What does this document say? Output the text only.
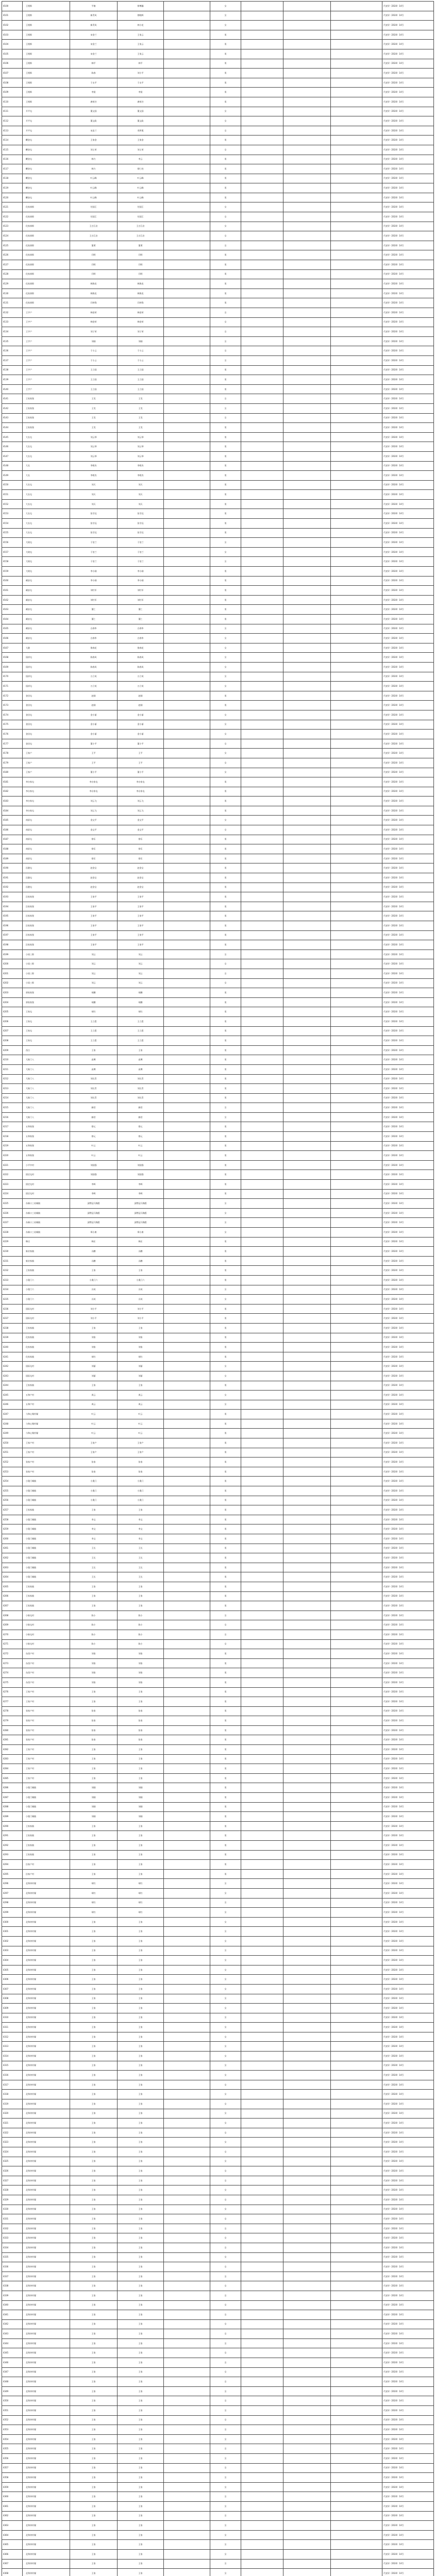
4100	王相郎	平寨	徐博瀚		女				代表导（2024）14号
4101	王相郎	新青风	徐晓辉		女				代表导（2024）14号
4102	王相郎	新青风	林小花		女				代表导（2024）14号
4103	王相郎	宋金兰	王家云		男				代表导（2024）14号
4104	王相郎	宋金兰	王家云		男				代表导（2024）14号
4105	王相郎	宋金兰	王家云		男				代表导（2024）14号
4106	王相郎	韩平	林平		男				代表导（2024）14号
4107	王相郎	陈春	刘小平		男				代表导（2024）14号
4108	王相郎	于永平	于永平		男				代表导（2024）14号
4109	王相郎	李贤	李贤		男				代表导（2024）14号
4110	王相郎	唐荷谷	唐荷谷		男				代表导（2024）14号
4111	开平屯	董文国	董文国		女				代表导（2024）14号
4112	开平屯	董文政	董文政		女				代表导（2024）14号
4113	开平屯	宋忠兰	邓伊燕		女				代表导（2024）14号
4114	鞭金屯	王家金	王家金		男				代表导（2024）14号
4115	鞭金屯	刘士荣	刘士荣		女				代表导（2024）14号
4116	鞭金屯	韩力	李云		男				代表导（2024）14号
4117	鞭金屯	韩力	徐仁柱		男				代表导（2024）14号
4118	鞭金屯	叶云峰	叶云峰		男				代表导（2024）14号
4119	鞭金屯	叶云峰	叶云峰		男				代表导（2024）14号
4120	鞭金屯	叶云峰	叶云峰		男				代表导（2024）14号
4121	化家郊郎	付国江	付国江		女				代表导（2024）14号
4122	化家郊郎	付国江	付国江		女				代表导（2024）14号
4123	化家郊郎	王白江启	王白江启		女				代表导（2024）14号
4124	化家郊郎	王白江启	王白江启		女				代表导（2024）14号
4125	化家郊郎	董勇	董勇		女				代表导（2024）14号
4126	化家郊郎	闫明	闫明		男				代表导（2024）14号
4127	化家郊郎	闫明	闫明		男				代表导（2024）14号
4128	化家郊郎	闫明	闫明		男				代表导（2024）14号
4129	化家郊郎	韩海龙	韩海龙		男				代表导（2024）14号
4130	化家郊郎	韩海龙	韩海龙		男				代表导（2024）14号
4131	化家郊郎	闫伟锋	闫伟锋		男				代表导（2024）14号
4132	王宇户	韩金荣	韩金荣		女				代表导（2024）14号
4133	王宇户	韩金荣	韩金荣		女				代表导（2024）14号
4134	王宇户	刘子荣	刘子荣		女				代表导（2024）14号
4135	王宇户	刘刚	刘刚		女				代表导（2024）14号
4136	王宇户	于小云	于小云		女				代表导（2024）14号
4137	王宇户	于小云	于小云		女				代表导（2024）14号
4138	王宇户	王立国	王立国		男				代表导（2024）14号
4139	王宇户	王立国	王立国		男				代表导（2024）14号
4140	王宇户	王立国	王立国		男				代表导（2024）14号
4141	王家家堡	王昊	王昊		女				代表导（2024）14号
4142	王家家堡	王昊	王昊		女				代表导（2024）14号
4143	王家家堡	王昊	王昊		女				代表导（2024）14号
4144	王家家堡	王昊	王昊		男				代表导（2024）14号
4145	大长屯	刘云琴	刘云琴		男				代表导（2024）14号
4146	大长屯	刘云琴	刘云琴		男				代表导（2024）14号
4147	大长屯	刘云琴	刘云琴		男				代表导（2024）14号
4148	大长	李相杰	李相杰		男				代表导（2024）14号
4149	大长	李相杰	李相杰		男				代表导（2024）14号
4150	大长屯	刘天	刘天		男				代表导（2024）14号
4151	大长屯	刘天	刘天		男				代表导（2024）14号
4152	大长屯	刘天	刘天		男				代表导（2024）14号
4153	大长屯	张学远	张学远		男				代表导（2024）14号
4154	大长屯	张学远	张学远		男				代表导（2024）14号
4155	大长屯	张学远	张学远		男				代表导（2024）14号
4156	大坡屯	于伯兰	于伯兰		女				代表导（2024）14号
4157	大坡屯	于伯兰	于伯兰		女				代表导（2024）14号
4158	大坡屯	于伯兰	于伯兰		女				代表导（2024）14号
4159	大坡屯	李小刚	李小刚		男				代表导（2024）14号
4160	邮安屯	李小刚	李小刚		男				代表导（2024）14号
4161	邮安屯	刘红军	刘红军		男				代表导（2024）14号
4162	邮安屯	刘红军	刘红军		男				代表导（2024）14号
4163	邮安屯	董仁	董仁		男				代表导（2024）14号
4164	邮安屯	董仁	董仁		男				代表导（2024）14号
4165	邮安屯	白春华	白春华		女				代表导（2024）14号
4166	邮安屯	白春华	白春华		女				代表导（2024）14号
4167	大港	鲁春花	鲁春花		女				代表导（2024）14号
4168	国祥屯	陈春风	陈春风		女				代表导（2024）14号
4169	国祥屯	陈春风	陈春风		女				代表导（2024）14号
4170	国祥屯	万立英	万立英		女				代表导（2024）14号
4171	国祥屯	万立英	万立英		女				代表导（2024）14号
4172	金田屯	赵刚	赵刚		男				代表导（2024）14号
4173	金田屯	赵刚	赵刚		男				代表导（2024）14号
4174	金田屯	金小丽	金小丽		女				代表导（2024）14号
4175	金田屯	金小丽	金小丽		女				代表导（2024）14号
4176	金田屯	金小丽	金小丽		女				代表导（2024）14号
4177	金田屯	董小平	董小平		女				代表导（2024）14号
4178	王家户	王平	王平		女				代表导（2024）14号
4179	王家户	王平	王平		女				代表导（2024）14号
4180	王家户	董小平	董小平		女				代表导（2024）14号
4181	李台家屯	李台家屯	李台家屯		男				代表导（2024）14号
4182	李台家屯	李台家屯	李台家屯		男				代表导（2024）14号
4183	李台家屯	刘云飞	刘云飞		男				代表导（2024）14号
4184	李台家屯	刘云飞	刘云飞		男				代表导（2024）14号
4185	南屏屯	金文平	金文平		女				代表导（2024）14号
4186	南屏屯	金文平	金文平		女				代表导（2024）14号
4187	南屏屯	徐乐	徐乐		男				代表导（2024）14号
4188	南屏屯	徐乐	徐乐		男				代表导（2024）14号
4189	南屏屯	徐乐	徐乐		男				代表导（2024）14号
4190	沿港屯	赵金宝	赵金宝		男				代表导（2024）14号
4191	沿港屯	赵金宝	赵金宝		男				代表导（2024）14号
4192	沿港屯	赵金宝	赵金宝		男				代表导（2024）14号
4193	沿家家堡	王家平	王家平		男				代表导（2024）14号
4194	沿家家堡	王家平	王家平		男				代表导（2024）14号
4195	沿家家堡	王家平	王家平		男				代表导（2024）14号
4196	沿家家堡	王家平	王家平		男				代表导（2024）14号
4197	沿家家堡	王家平	王家平		男				代表导（2024）14号
4198	沿家家堡	王家平	王家平		男				代表导（2024）14号
4199	小雨三郎	刘云	刘云		女				代表导（2024）14号
4200	小雨三郎	刘云	刘云		女				代表导（2024）14号
4201	小雨三郎	刘云	刘云		女				代表导（2024）14号
4202	小雨三郎	刘云	刘云		女				代表导（2024）14号
4203	郊家家堡	胡鹏	胡鹏		男				代表导（2024）14号
4204	郊家家堡	胡鹏	胡鹏		男				代表导（2024）14号
4205	王家屯	胡红	胡红		男				代表导（2024）14号
4206	王家屯	王立恩	王立恩		男				代表导（2024）14号
4207	王家屯	王立恩	王立恩		男				代表导（2024）14号
4208	王家屯	王立恩	王立恩		男				代表导（2024）14号
4209	西古	王家	王家		男				代表导（2024）14号
4210	大陈门八	高博	高博		男				代表导（2024）14号
4211	大陈门八	高博	高博		男				代表导（2024）14号
4212	大陈门八	刘长青	刘长青		男				代表导（2024）14号
4213	大陈门八	刘长青	刘长青		男				代表导（2024）14号
4214	大陈门八	刘长青	刘长青		男				代表导（2024）14号
4215	大陈门八	赫君	赫君		女				代表导（2024）14号
4216	大陈门八	赫君	赫君		女				代表导（2024）14号
4217	五和家堡	徐元	徐元		男				代表导（2024）14号
4218	五和家堡	徐元	徐元		男				代表导（2024）14号
4219	五和家堡	叶云	叶云		男				代表导（2024）14号
4220	五和家堡	叶云	叶云		男				代表导（2024）14号
4221	小平中村	刘国强	刘国强		男				代表导（2024）14号
4222	固定屯村	刘国强	刘国强		男				代表导（2024）14号
4223	固定屯村	李辉	李辉		男				代表导（2024）14号
4224	固定屯村	李辉	李辉		男				代表导（2024）14号
4225	东新口三站城镇	邱赞冠马海鸥	邱赞冠马海鸥		女				代表导（2024）14号
4226	东新口三站城镇	邱赞冠马海鸥	邱赞冠马海鸥		女				代表导（2024）14号
4227	东新口三站城镇	邱赞冠马海鸥	邱赞冠马海鸥		女				代表导（2024）14号
4228	东新口三站城镇	郑小康	郑小康		女				代表导（2024）14号
4229	韩庄	韩庄	韩庄		男				代表导（2024）14号
4230	新业家镇	冯鹏	冯鹏		男				代表导（2024）14号
4231	新业家镇	冯鹏	冯鹏		男				代表导（2024）14号
4232	王家家镇	王家	王家		男				代表导（2024）14号
4233	小奥门六	小奥门六	小奥门六		男				代表导（2024）14号
4234	小奥门六	冯英	冯英		女				代表导（2024）14号
4235	小奥门六	冯英	冯英		女				代表导（2024）14号
4236	国际屯村	刘小平	刘小平		男				代表导（2024）14号
4237	国际屯村	刘小平	刘小平		男				代表导（2024）14号
4238	王家家镇	王家	王家		男				代表导（2024）14号
4239	化家家镇	刘家	刘家		男				代表导（2024）14号
4240	化家家镇	刘家	刘家		男				代表导（2024）14号
4241	化家家镇	胡红	胡红		男				代表导（2024）14号
4242	国际屯村	刘丽	刘丽		女				代表导（2024）14号
4243	国际屯村	刘丽	刘丽		女				代表导（2024）14号
4244	王家家镇	王家	王家		男				代表导（2024）14号
4245	五和户村	周云	周云		女				代表导（2024）14号
4246	五和户村	周云	周云		女				代表导（2024）14号
4247	与和心聚传媒	叶云	叶云		男				代表导（2024）14号
4248	与和心聚传媒	叶云	叶云		男				代表导（2024）14号
4249	与和心聚传媒	叶云	叶云		男				代表导（2024）14号
4250	王家户村	王家户	王家户		男				代表导（2024）14号
4251	王家户村	王家户	王家户		男				代表导（2024）14号
4252	张家户村	张家	张家		男				代表导（2024）14号
4253	张家户村	张家	张家		男				代表导（2024）14号
4254	小奥门城镇	小奥门	小奥门		男				代表导（2024）14号
4255	小奥门城镇	小奥门	小奥门		男				代表导（2024）14号
4256	小奥门城镇	小奥门	小奥门		男				代表导（2024）14号
4257	王家家镇	王家	王家		男				代表导（2024）14号
4258	小奥门城镇	李文	李文		男				代表导（2024）14号
4259	小奥门城镇	李文	李文		男				代表导（2024）14号
4260	小奥门城镇	李文	李文		男				代表导（2024）14号
4261	小奥门城镇	王长	王长		男				代表导（2024）14号
4262	小奥门城镇	王长	王长		男				代表导（2024）14号
4263	小奥门城镇	王长	王长		男				代表导（2024）14号
4264	小奥门城镇	王长	王长		男				代表导（2024）14号
4265	王家家镇	王家	王家		男				代表导（2024）14号
4266	王家家镇	王家	王家		男				代表导（2024）14号
4267	王家家镇	王家	王家		男				代表导（2024）14号
4268	小陈屯村	陈小	陈小		女				代表导（2024）14号
4269	小陈屯村	陈小	陈小		女				代表导（2024）14号
4270	小陈屯村	陈小	陈小		女				代表导（2024）14号
4271	小陈屯村	陈小	陈小		女				代表导（2024）14号
4272	东西户村	刘家	刘家		男				代表导（2024）14号
4273	东西户村	刘家	刘家		男				代表导（2024）14号
4274	东西户村	刘家	刘家		男				代表导（2024）14号
4275	东西户村	刘家	刘家		男				代表导（2024）14号
4276	王家户村	王家	王家		男				代表导（2024）14号
4277	王家户村	王家	王家		男				代表导（2024）14号
4278	张家户村	张家	张家		男				代表导（2024）14号
4279	张家户村	张家	张家		男				代表导（2024）14号
4280	张家户村	张家	张家		男				代表导（2024）14号
4281	张家户村	张家	张家		男				代表导（2024）14号
4282	王家户村	王家	王家		男				代表导（2024）14号
4283	王家户村	王家	王家		男				代表导（2024）14号
4284	王家户村	王家	王家		男				代表导（2024）14号
4285	王家户村	王家	王家		男				代表导（2024）14号
4286	小奥门城镇	刘刚	刘刚		男				代表导（2024）14号
4287	小奥门城镇	刘刚	刘刚		男				代表导（2024）14号
4288	小奥门城镇	刘刚	刘刚		男				代表导（2024）14号
4289	小奥门城镇	刘刚	刘刚		男				代表导（2024）14号
4290	王家家镇	王家	王家		男				代表导（2024）14号
4291	王家家镇	王家	王家		男				代表导（2024）14号
4292	王家家镇	王家	王家		男				代表导（2024）14号
4293	王家家镇	王家	王家		男				代表导（2024）14号
4294	沿家户村	王家	王家		男				代表导（2024）14号
4295	沿家户村	王家	王家		男				代表导（2024）14号
4296	北和冲传媒	胡红	胡红		女				代表导（2024）14号
4297	北和冲传媒	胡红	胡红		女				代表导（2024）14号
4298	北和冲传媒	胡红	胡红		女				代表导（2024）14号
4299	北和冲传媒	胡红	胡红		女				代表导（2024）14号
4300	北和冲传媒	王家	王家		女				代表导（2024）14号
4301	北和冲传媒	王家	王家		女				代表导（2024）14号
4302	北和冲传媒	王家	王家		女				代表导（2024）14号
4303	北和冲传媒	王家	王家		女				代表导（2024）14号
4304	北和冲传媒	王家	王家		女				代表导（2024）14号
4305	北和冲传媒	王家	王家		女				代表导（2024）14号
4306	北和冲传媒	王家	王家		女				代表导（2024）14号
4307	北和冲传媒	王家	王家		女				代表导（2024）14号
4308	北和冲传媒	王家	王家		女				代表导（2024）14号
4309	北和冲传媒	王家	王家		女				代表导（2024）14号
4310	北和冲传媒	王家	王家		女				代表导（2024）14号
4311	北和冲传媒	王家	王家		女				代表导（2024）14号
4312	北和冲传媒	王家	王家		女				代表导（2024）14号
4313	北和冲传媒	王家	王家		女				代表导（2024）14号
4314	北和冲传媒	王家	王家		女				代表导（2024）14号
4315	北和冲传媒	王家	王家		女				代表导（2024）14号
4316	北和冲传媒	王家	王家		女				代表导（2024）14号
4317	北和冲传媒	王家	王家		女				代表导（2024）14号
4318	北和冲传媒	王家	王家		女				代表导（2024）14号
4319	北和冲传媒	王家	王家		女				代表导（2024）14号
4320	北和冲传媒	王家	王家		女				代表导（2024）14号
4321	北和冲传媒	王家	王家		女				代表导（2024）14号
4322	北和冲传媒	王家	王家		女				代表导（2024）14号
4323	北和冲传媒	王家	王家		女				代表导（2024）14号
4324	北和冲传媒	王家	王家		女				代表导（2024）14号
4325	北和冲传媒	王家	王家		女				代表导（2024）14号
4326	北和冲传媒	王家	王家		女				代表导（2024）14号
4327	北和冲传媒	王家	王家		女				代表导（2024）14号
4328	北和冲传媒	王家	王家		女				代表导（2024）14号
4329	北和冲传媒	王家	王家		女				代表导（2024）14号
4330	北和冲传媒	王家	王家		女				代表导（2024）14号
4331	北和冲传媒	王家	王家		女				代表导（2024）14号
4332	北和冲传媒	王家	王家		女				代表导（2024）14号
4333	北和冲传媒	王家	王家		女				代表导（2024）14号
4334	北和冲传媒	王家	王家		女				代表导（2024）14号
4335	北和冲传媒	王家	王家		女				代表导（2024）14号
4336	北和冲传媒	王家	王家		女				代表导（2024）14号
4337	北和冲传媒	王家	王家		女				代表导（2024）14号
4338	北和冲传媒	王家	王家		女				代表导（2024）14号
4339	北和冲传媒	王家	王家		女				代表导（2024）14号
4340	北和冲传媒	王家	王家		女				代表导（2024）14号
4341	北和冲传媒	王家	王家		女				代表导（2024）14号
4342	北和冲传媒	王家	王家		女				代表导（2024）14号
4343	北和冲传媒	王家	王家		女				代表导（2024）14号
4344	北和冲传媒	王家	王家		女				代表导（2024）14号
4345	北和冲传媒	王家	王家		女				代表导（2024）14号
4346	北和冲传媒	王家	王家		女				代表导（2024）14号
4347	北和冲传媒	王家	王家		女				代表导（2024）14号
4348	北和冲传媒	王家	王家		女				代表导（2024）14号
4349	北和冲传媒	王家	王家		女				代表导（2024）14号
4350	北和冲传媒	王家	王家		女				代表导（2024）14号
4351	北和冲传媒	王家	王家		女				代表导（2024）14号
4352	北和冲传媒	王家	王家		女				代表导（2024）14号
4353	北和冲传媒	王家	王家		女				代表导（2024）14号
4354	北和冲传媒	王家	王家		女				代表导（2024）14号
4355	北和冲传媒	王家	王家		女				代表导（2024）14号
4356	北和冲传媒	王家	王家		女				代表导（2024）14号
4357	北和冲传媒	王家	王家		女				代表导（2024）14号
4358	北和冲传媒	王家	王家		女				代表导（2024）14号
4359	北和冲传媒	王家	王家		女				代表导（2024）14号
4360	北和冲传媒	王家	王家		女				代表导（2024）14号
4361	北和冲传媒	王家	王家		女				代表导（2024）14号
4362	北和冲传媒	王家	王家		女				代表导（2024）14号
4363	北和冲传媒	王家	王家		女				代表导（2024）14号
4364	北和冲传媒	王家	王家		女				代表导（2024）14号
4365	北和冲传媒	王家	王家		女				代表导（2024）14号
4366	北和冲传媒	王家	王家		女				代表导（2024）14号
4367	北和冲传媒	王家	王家		女				代表导（2024）14号
4368	北和冲传媒	王家	王家		女				代表导（2024）14号
